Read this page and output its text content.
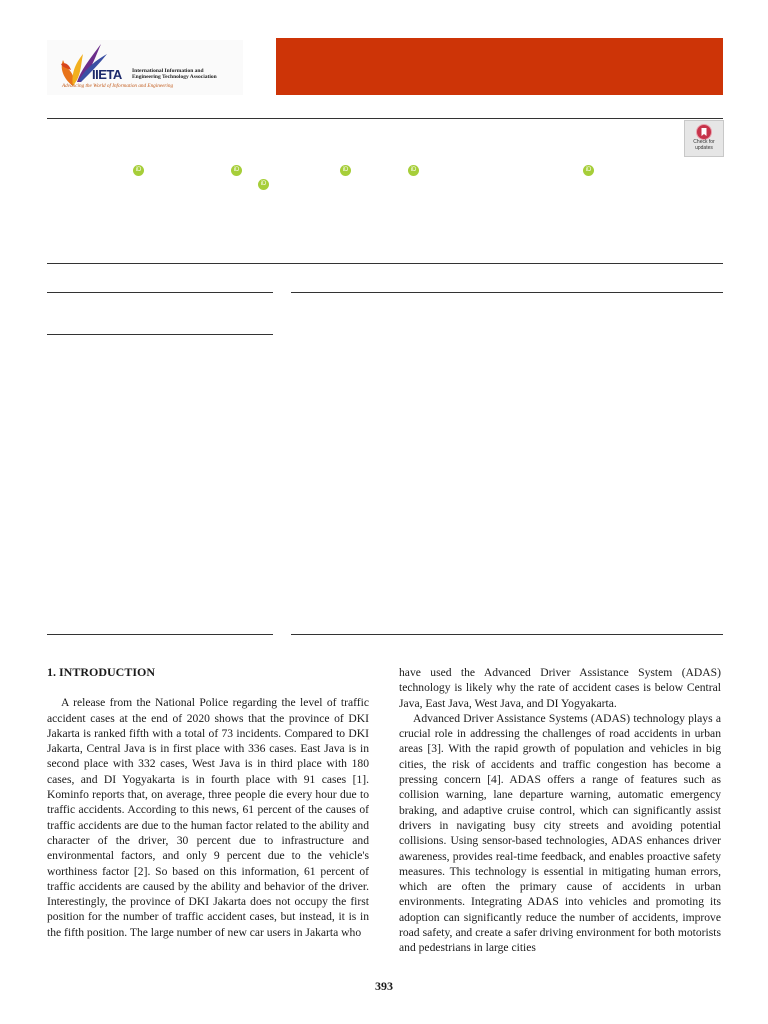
IIETA International Information and
Engineering Technology Association
Advancing the World of Information and Engineering
Check for
updates
iD	iD	iD	iD	iD
iD

1. INTRODUCTION

A release from the National Police regarding the level of traffic accident cases at the end of 2020 shows that the province of DKI Jakarta is ranked fifth with a total of 73 incidents. Compared to DKI Jakarta, Central Java is in first place with 336 cases. East Java is in second place with 332 cases, West Java is in third place with 180 cases, and DI Yogyakarta is in fourth place with 91 cases [1]. Kominfo reports that, on average, three people die every hour due to traffic accidents. According to this news, 61 percent of the causes of traffic accidents are due to the human factor related to the ability and character of the driver, 30 percent due to infrastructure and environmental factors, and only 9 percent due to the vehicle's worthiness factor [2]. So based on this information, 61 percent of traffic accidents are caused by the ability and behavior of the driver. Interestingly, the province of DKI Jakarta does not occupy the first position for the number of traffic accident cases, but instead, it is in the fifth position. The large number of new car users in Jakarta who

have used the Advanced Driver Assistance System (ADAS) technology is likely why the rate of accident cases is below Central Java, East Java, West Java, and DI Yogyakarta.

Advanced Driver Assistance Systems (ADAS) technology plays a crucial role in addressing the challenges of road accidents in urban areas [3]. With the rapid growth of population and vehicles in big cities, the risk of accidents and traffic congestion has become a pressing concern [4]. ADAS offers a range of features such as collision warning, lane departure warning, automatic emergency braking, and adaptive cruise control, which can significantly assist drivers in navigating busy city streets and avoiding potential collisions. Using sensor-based technologies, ADAS enhances driver awareness, provides real-time feedback, and enables proactive safety measures. This technology is essential in mitigating human errors, which are often the primary cause of accidents in urban environments. Integrating ADAS into vehicles and promoting its adoption can significantly reduce the number of accidents, improve road safety, and create a safer driving environment for both motorists and pedestrians in large cities

393
